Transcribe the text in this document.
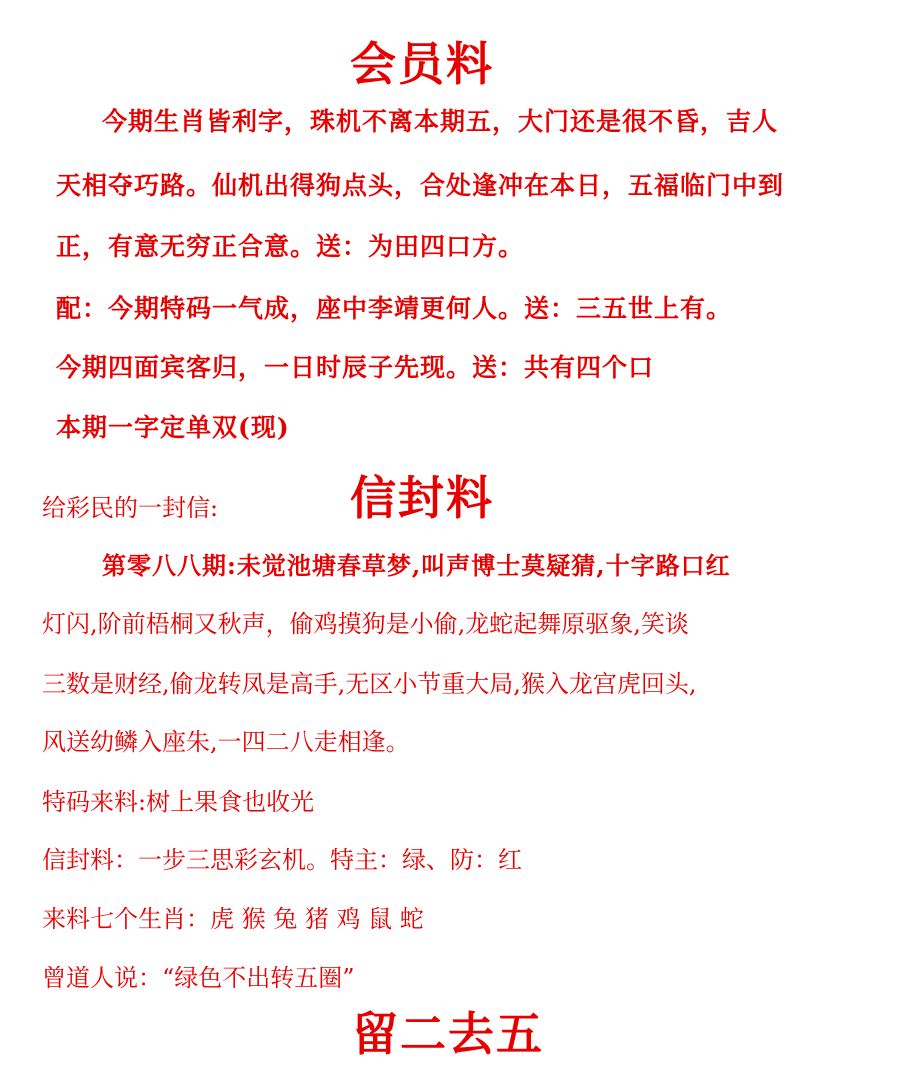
会员料
今期生肖皆利字，珠机不离本期五，大门还是很不昏，吉人
天相夺巧路。仙机出得狗点头，合处逢冲在本日，五福临门中到
正，有意无穷正合意。送：为田四口方。
配：今期特码一气成，座中李靖更何人。送：三五世上有。
今期四面宾客归，一日时辰子先现。送：共有四个口
本期一字定单双(现)
给彩民的一封信:	信封料
第零八八期:未觉池塘春草梦,叫声博士莫疑猜,十字路口红
灯闪,阶前梧桐又秋声，偷鸡摸狗是小偷,龙蛇起舞原驱象,笑谈
三数是财经,偷龙转凤是高手,无区小节重大局,猴入龙宫虎回头,
风送幼鳞入座朱,一四二八走相逢。
特码来料:树上果食也收光
信封料：一步三思彩玄机。特主：绿、防：红
来料七个生肖：虎 猴 兔 猪 鸡 鼠 蛇
曾道人说：“绿色不出转五圈”
留二去五
